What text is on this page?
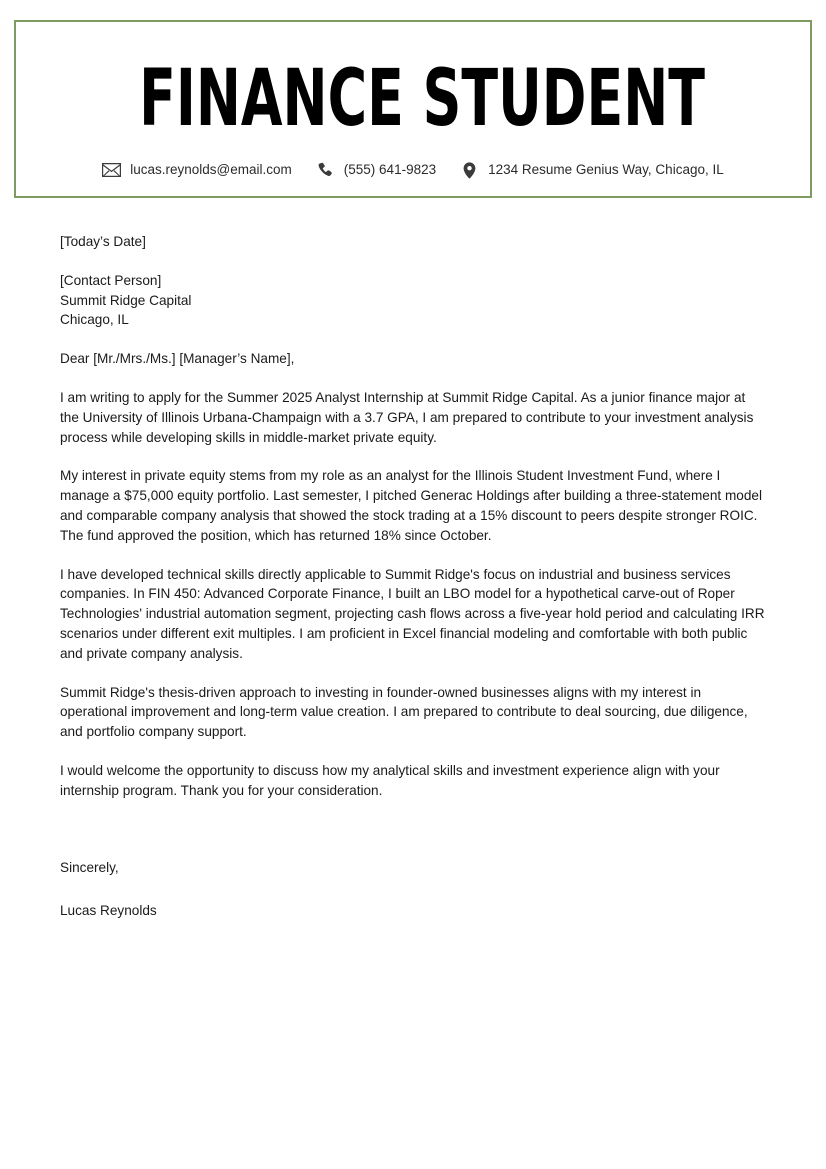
FINANCE STUDENT
lucas.reynolds@email.com	(555) 641-9823	1234 Resume Genius Way, Chicago, IL

[Today’s Date]

[Contact Person]

Summit Ridge Capital

Chicago, IL

Dear [Mr./Mrs./Ms.] [Manager’s Name],

I am writing to apply for the Summer 2025 Analyst Internship at Summit Ridge Capital. As a junior finance major at the University of Illinois Urbana-Champaign with a 3.7 GPA, I am prepared to contribute to your investment analysis process while developing skills in middle-market private equity.

My interest in private equity stems from my role as an analyst for the Illinois Student Investment Fund, where I manage a $75,000 equity portfolio. Last semester, I pitched Generac Holdings after building a three-statement model and comparable company analysis that showed the stock trading at a 15% discount to peers despite stronger ROIC. The fund approved the position, which has returned 18% since October.

I have developed technical skills directly applicable to Summit Ridge's focus on industrial and business services companies. In FIN 450: Advanced Corporate Finance, I built an LBO model for a hypothetical carve-out of Roper Technologies' industrial automation segment, projecting cash flows across a five-year hold period and calculating IRR scenarios under different exit multiples. I am proficient in Excel financial modeling and comfortable with both public and private company analysis.

Summit Ridge's thesis-driven approach to investing in founder-owned businesses aligns with my interest in operational improvement and long-term value creation. I am prepared to contribute to deal sourcing, due diligence, and portfolio company support.

I would welcome the opportunity to discuss how my analytical skills and investment experience align with your internship program. Thank you for your consideration.

Sincerely,

Lucas Reynolds
